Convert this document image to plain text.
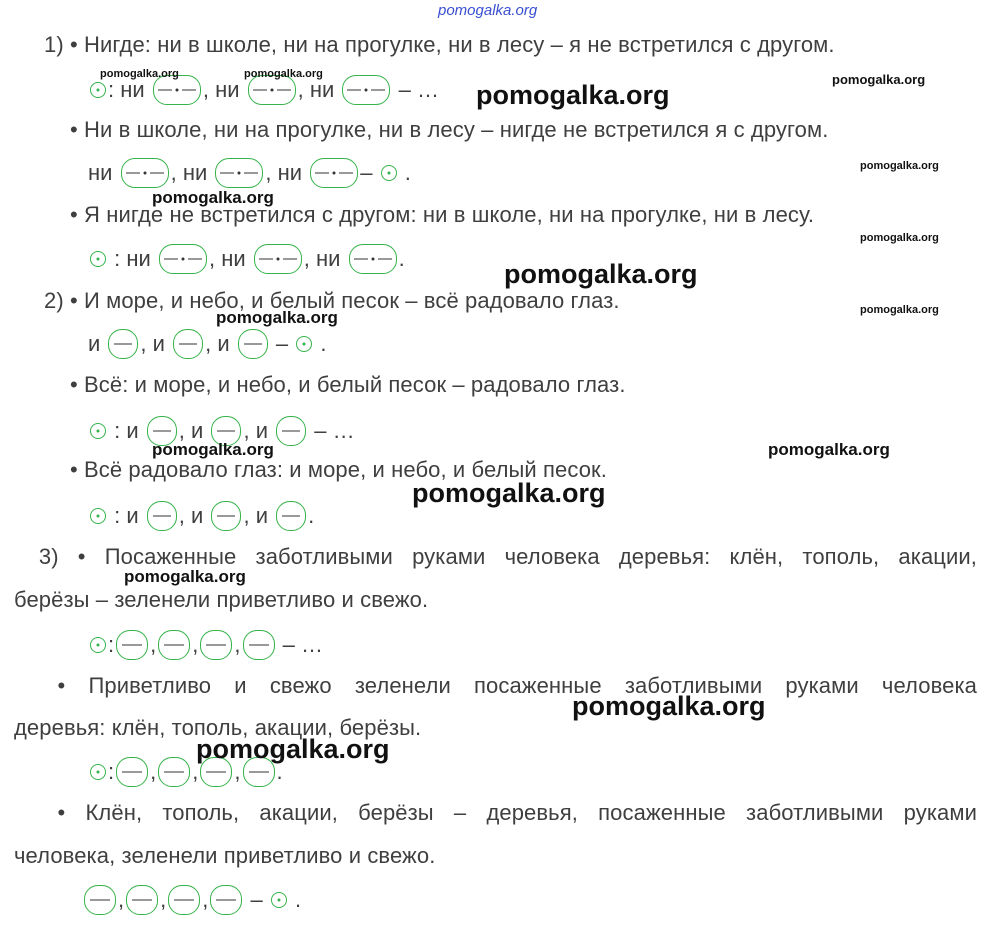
pomogalka.org
1) • Нигде: ни в школе, ни на прогулке, ни в лесу – я не встретился с другом.
:
ни
	,
ни
	,
ни

	–
…
• Ни в школе, ни на прогулке, ни в лесу – нигде не встретился я с другом.
ни
	,
ни
	,
ни
	–

.
• Я нигде не встретился с другом: ни в школе, ни на прогулке, ни в лесу.

:
ни
	,
ни
	,
ни
	.
2) • И море, и небо, и белый песок – всё радовало глаз.
и
,
и
,
и

–

.
• Всё: и море, и небо, и белый песок – радовало глаз.

:
и
,
и
,
и

–
…
• Всё радовало глаз: и море, и небо, и белый песок.

:
и
,
и
,
и
.
3) • Посаженные заботливыми руками человека деревья: клён, тополь, акации,
берёзы – зеленели приветливо и свежо.
: , , ,
–
…
• Приветливо и свежо зеленели посаженные заботливыми руками человека
деревья: клён, тополь, акации, берёзы.
: , , , .
• Клён, тополь, акации, берёзы – деревья, посаженные заботливыми руками
человека, зеленели приветливо и свежо.
, , ,
–

.
pomogalka.org	pomogalka.org	pomogalka.org
pomogalka.org
pomogalka.org
pomogalka.org
pomogalka.org
pomogalka.org
pomogalka.org
pomogalka.org
pomogalka.org	pomogalka.org
pomogalka.org
pomogalka.org
pomogalka.org
pomogalka.org
